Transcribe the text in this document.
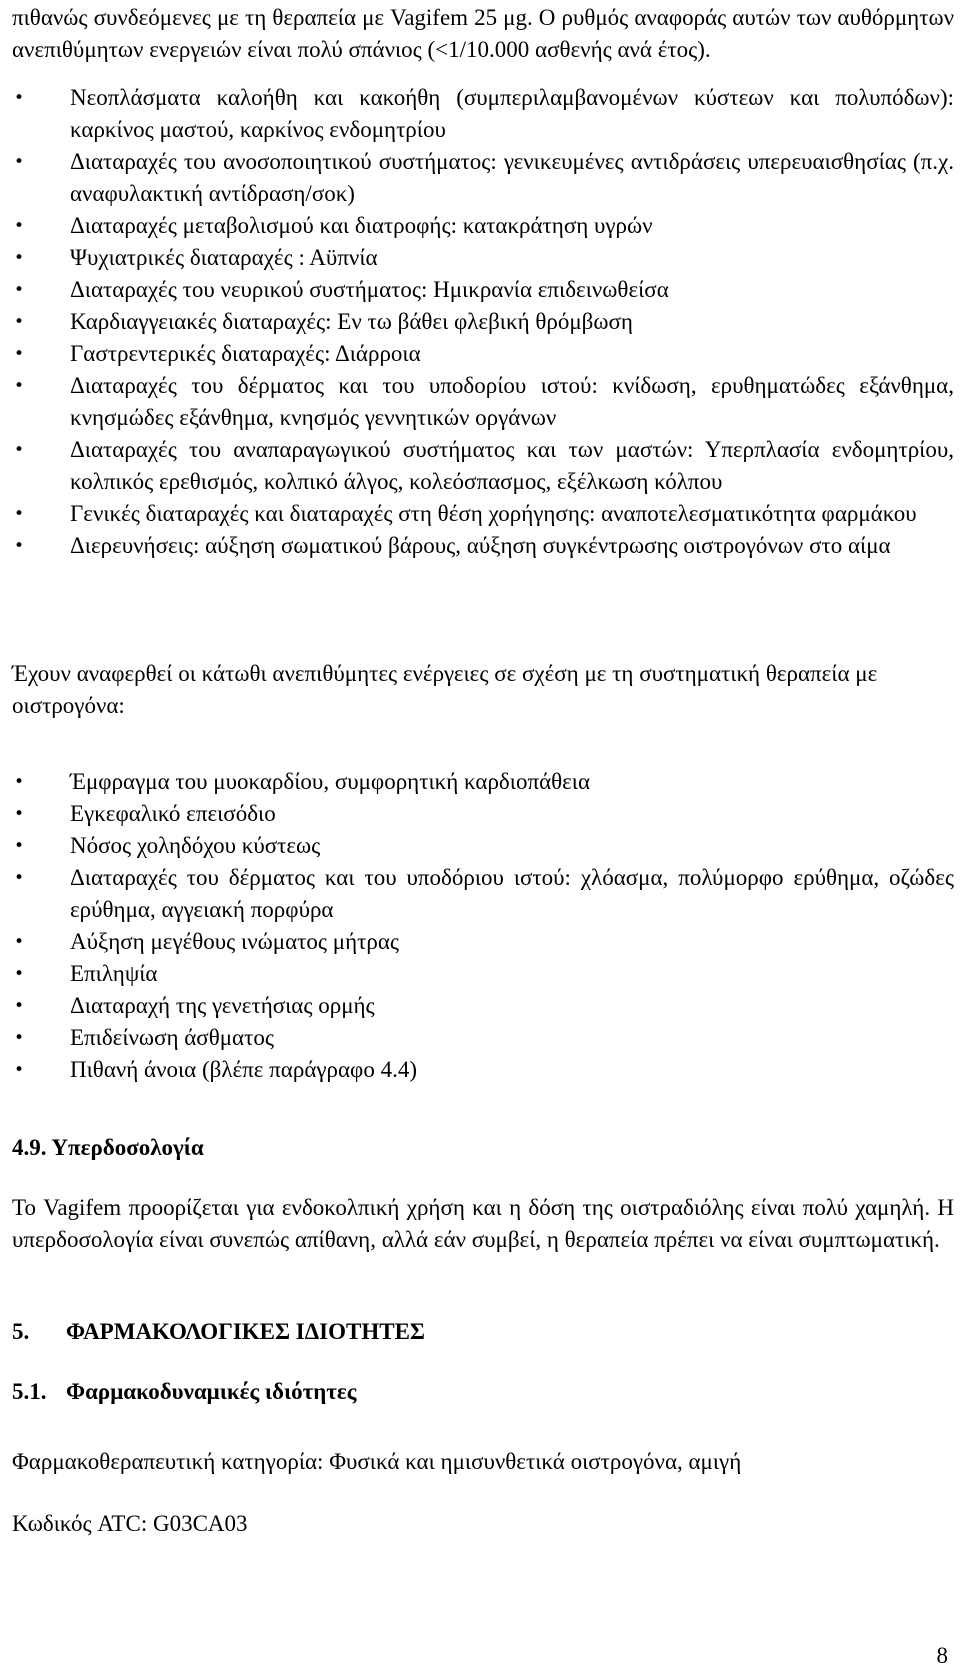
πιθανώς συνδεόμενες με τη θεραπεία με Vagifem 25 μg. Ο ρυθμός αναφοράς αυτών των αυθόρμητων ανεπιθύμητων ενεργειών είναι πολύ σπάνιος (<1/10.000 ασθενής ανά έτος).

• Νεοπλάσματα καλοήθη και κακοήθη (συμπεριλαμβανομένων κύστεων και πολυπόδων): καρκίνος μαστού, καρκίνος ενδομητρίου
• Διαταραχές του ανοσοποιητικού συστήματος: γενικευμένες αντιδράσεις υπερευαισθησίας (π.χ. αναφυλακτική αντίδραση/σοκ)
• Διαταραχές μεταβολισμού και διατροφής: κατακράτηση υγρών
• Ψυχιατρικές διαταραχές : Αϋπνία
• Διαταραχές του νευρικού συστήματος: Ημικρανία επιδεινωθείσα
• Καρδιαγγειακές διαταραχές: Εν τω βάθει φλεβική θρόμβωση
• Γαστρεντερικές διαταραχές: Διάρροια
• Διαταραχές του δέρματος και του υποδορίου ιστού: κνίδωση, ερυθηματώδες εξάνθημα, κνησμώδες εξάνθημα, κνησμός γεννητικών οργάνων
• Διαταραχές του αναπαραγωγικού συστήματος και των μαστών: Υπερπλασία ενδομητρίου, κολπικός ερεθισμός, κολπικό άλγος, κολεόσπασμος, εξέλκωση κόλπου
• Γενικές διαταραχές και διαταραχές στη θέση χορήγησης: αναποτελεσματικότητα φαρμάκου
• Διερευνήσεις: αύξηση σωματικού βάρους, αύξηση συγκέντρωσης οιστρογόνων στο αίμα

Έχουν αναφερθεί οι κάτωθι ανεπιθύμητες ενέργειες σε σχέση με τη συστηματική θεραπεία με οιστρογόνα:

• Έμφραγμα του μυοκαρδίου, συμφορητική καρδιοπάθεια
• Εγκεφαλικό επεισόδιο
• Νόσος χοληδόχου κύστεως
• Διαταραχές του δέρματος και του υποδόριου ιστού: χλόασμα, πολύμορφο ερύθημα, οζώδες ερύθημα, αγγειακή πορφύρα
• Αύξηση μεγέθους ινώματος μήτρας
• Επιληψία
• Διαταραχή της γενετήσιας ορμής
• Επιδείνωση άσθματος
• Πιθανή άνοια (βλέπε παράγραφο 4.4)
4.9. Υπερδοσολογία

Το Vagifem προορίζεται για ενδοκολπική χρήση και η δόση της οιστραδιόλης είναι πολύ χαμηλή. Η υπερδοσολογία είναι συνεπώς απίθανη, αλλά εάν συμβεί, η θεραπεία πρέπει να είναι συμπτωματική.

5. ΦΑΡΜΑΚΟΛΟΓΙΚΕΣ ΙΔΙΟΤΗΤΕΣ
5.1. Φαρμακοδυναμικές ιδιότητες

Φαρμακοθεραπευτική κατηγορία: Φυσικά και ημισυνθετικά οιστρογόνα, αμιγή

Κωδικός ATC: G03CA03

8
